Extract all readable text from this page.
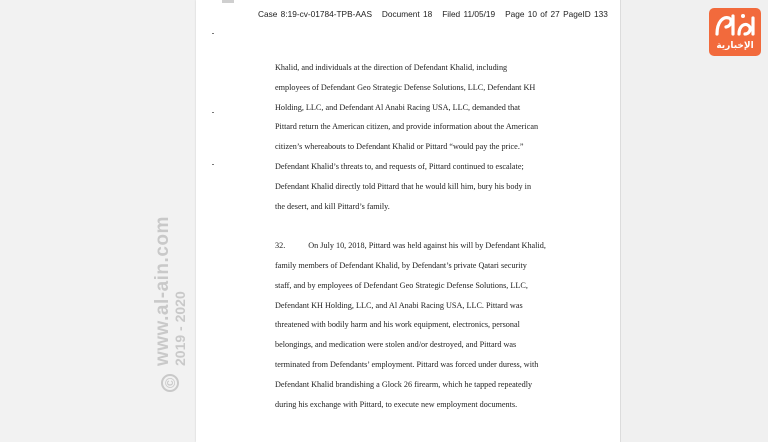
Case 8:19-cv-01784-TPB-AAS Document 18 Filed 11/05/19 Page 10 of 27 PageID 133
Khalid, and individuals at the direction of Defendant Khalid, including
employees of Defendant Geo Strategic Defense Solutions, LLC, Defendant KH
Holding, LLC, and Defendant Al Anabi Racing USA, LLC, demanded that
Pittard return the American citizen, and provide information about the American
citizen’s whereabouts to Defendant Khalid or Pittard “would pay the price.”
Defendant Khalid’s threats to, and requests of, Pittard continued to escalate;
Defendant Khalid directly told Pittard that he would kill him, bury his body in
the desert, and kill Pittard’s family.
32.	On July 10, 2018, Pittard was held against his will by Defendant Khalid,
family members of Defendant Khalid, by Defendant’s private Qatari security
staff, and by employees of Defendant Geo Strategic Defense Solutions, LLC,
Defendant KH Holding, LLC, and Al Anabi Racing USA, LLC. Pittard was
threatened with bodily harm and his work equipment, electronics, personal
belongings, and medication were stolen and/or destroyed, and Pittard was
terminated from Defendants’ employment. Pittard was forced under duress, with
Defendant Khalid brandishing a Glock 26 firearm, which he tapped repeatedly
during his exchange with Pittard, to execute new employment documents.
©
www.al-ain.com 2019 - 2020
الإخبارية
